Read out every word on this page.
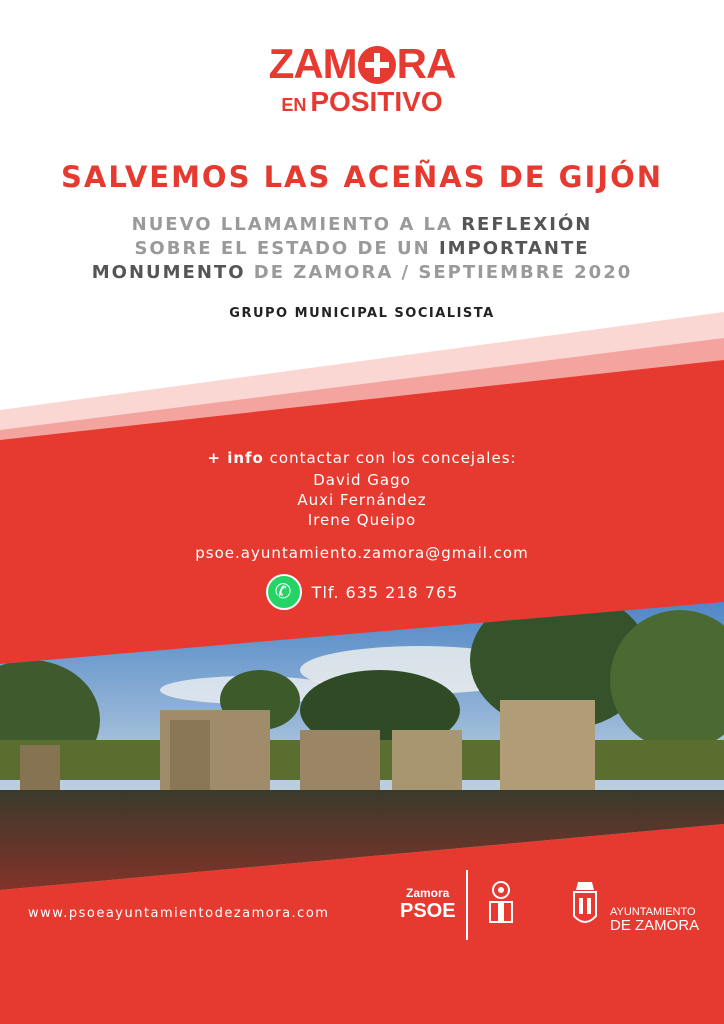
ZAM RA
EN POSITIVO
SALVEMOS LAS ACEÑAS DE GIJÓN
NUEVO LLAMAMIENTO A LA REFLEXIÓN
SOBRE EL ESTADO DE UN IMPORTANTE
MONUMENTO DE ZAMORA / SEPTIEMBRE 2020
GRUPO MUNICIPAL SOCIALISTA
+ info contactar con los concejales:
David Gago
Auxi Fernández
Irene Queipo
psoe.ayuntamiento.zamora@gmail.com
✆
Tlf. 635 218 765
www.psoeayuntamientodezamora.com
Zamora
PSOE	AYUNTAMIENTO
DE ZAMORA
